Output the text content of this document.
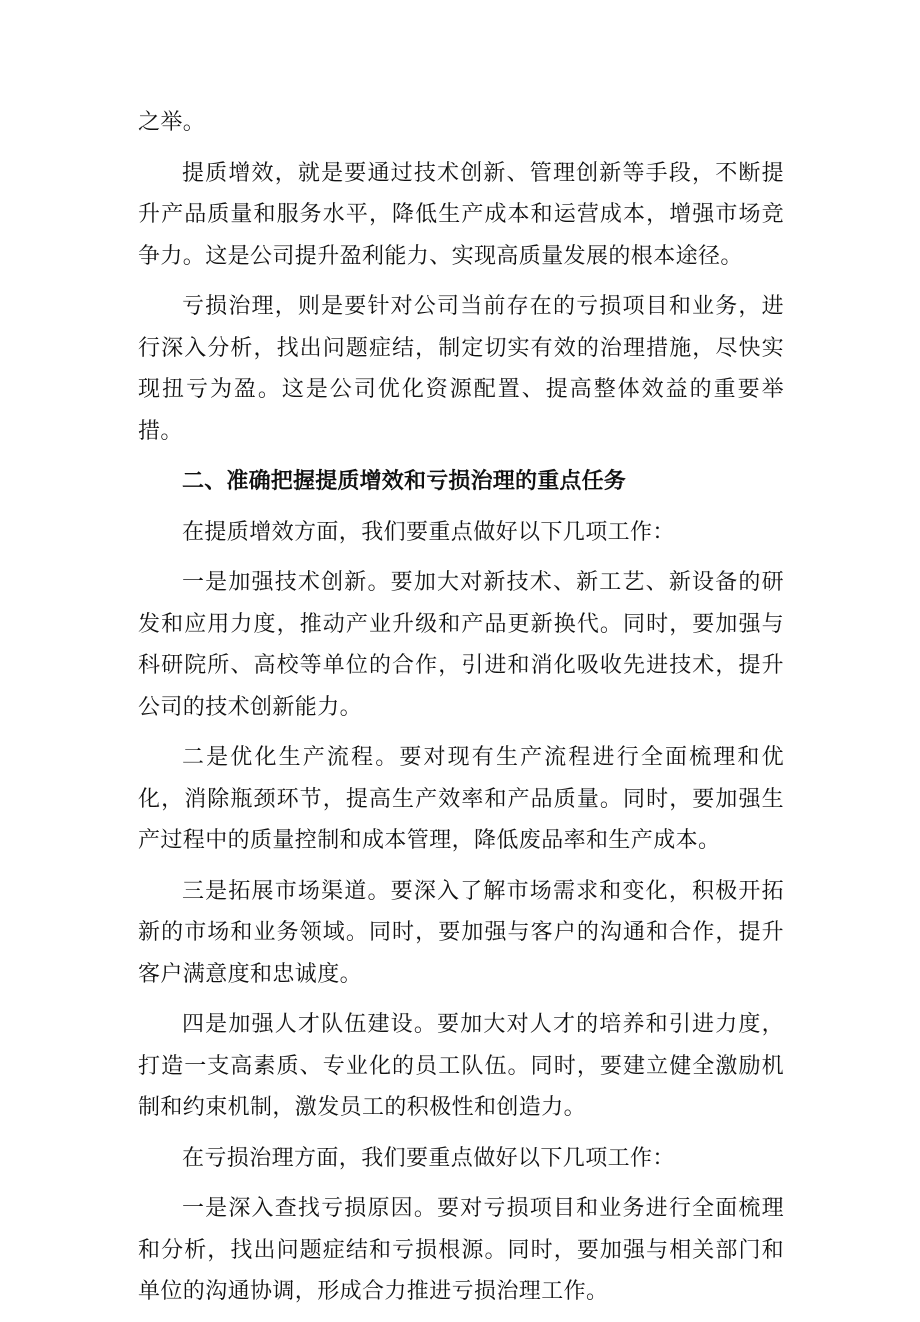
之举。

提质增效，就是要通过技术创新、管理创新等手段，不断提升产品质量和服务水平，降低生产成本和运营成本，增强市场竞争力。这是公司提升盈利能力、实现高质量发展的根本途径。

亏损治理，则是要针对公司当前存在的亏损项目和业务，进行深入分析，找出问题症结，制定切实有效的治理措施，尽快实现扭亏为盈。这是公司优化资源配置、提高整体效益的重要举措。

二、准确把握提质增效和亏损治理的重点任务

在提质增效方面，我们要重点做好以下几项工作：

一是加强技术创新。要加大对新技术、新工艺、新设备的研发和应用力度，推动产业升级和产品更新换代。同时，要加强与科研院所、高校等单位的合作，引进和消化吸收先进技术，提升公司的技术创新能力。

二是优化生产流程。要对现有生产流程进行全面梳理和优化，消除瓶颈环节，提高生产效率和产品质量。同时，要加强生产过程中的质量控制和成本管理，降低废品率和生产成本。

三是拓展市场渠道。要深入了解市场需求和变化，积极开拓新的市场和业务领域。同时，要加强与客户的沟通和合作，提升客户满意度和忠诚度。

四是加强人才队伍建设。要加大对人才的培养和引进力度，打造一支高素质、专业化的员工队伍。同时，要建立健全激励机制和约束机制，激发员工的积极性和创造力。

在亏损治理方面，我们要重点做好以下几项工作：

一是深入查找亏损原因。要对亏损项目和业务进行全面梳理和分析，找出问题症结和亏损根源。同时，要加强与相关部门和单位的沟通协调，形成合力推进亏损治理工作。
